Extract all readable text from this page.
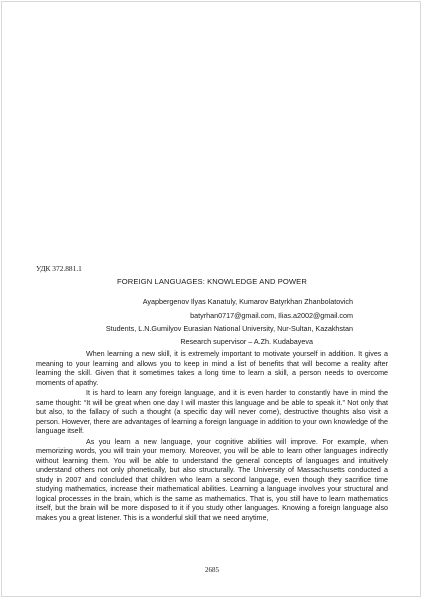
УДК 372.881.1
FOREIGN LANGUAGES: KNOWLEDGE AND POWER
Ayapbergenov Ilyas Kanatuly, Kumarov Batyrkhan Zhanbolatovich
batyrhan0717@gmail.com, Ilias.a2002@gmail.com
Students, L.N.Gumilyov Eurasian National University, Nur-Sultan, Kazakhstan
Research supervisor – A.Zh. Kudabayeva

When learning a new skill, it is extremely important to motivate yourself in addition. It gives a meaning to your learning and allows you to keep in mind a list of benefits that will become a reality after learning the skill. Given that it sometimes takes a long time to learn a skill, a person needs to overcome moments of apathy.

It is hard to learn any foreign language, and it is even harder to constantly have in mind the same thought: “It will be great when one day I will master this language and be able to speak it.” Not only that but also, to the fallacy of such a thought (a specific day will never come), destructive thoughts also visit a person. However, there are advantages of learning a foreign language in addition to your own knowledge of the language itself.

As you learn a new language, your cognitive abilities will improve. For example, when memorizing words, you will train your memory. Moreover, you will be able to learn other languages indirectly without learning them. You will be able to understand the general concepts of languages and intuitively understand others not only phonetically, but also structurally. The University of Massachusetts conducted a study in 2007 and concluded that children who learn a second language, even though they sacrifice time studying mathematics, increase their mathematical abilities. Learning a language involves your structural and logical processes in the brain, which is the same as mathematics. That is, you still have to learn mathematics itself, but the brain will be more disposed to it if you study other languages. Knowing a foreign language also makes you a great listener. This is a wonderful skill that we need anytime,

2685
